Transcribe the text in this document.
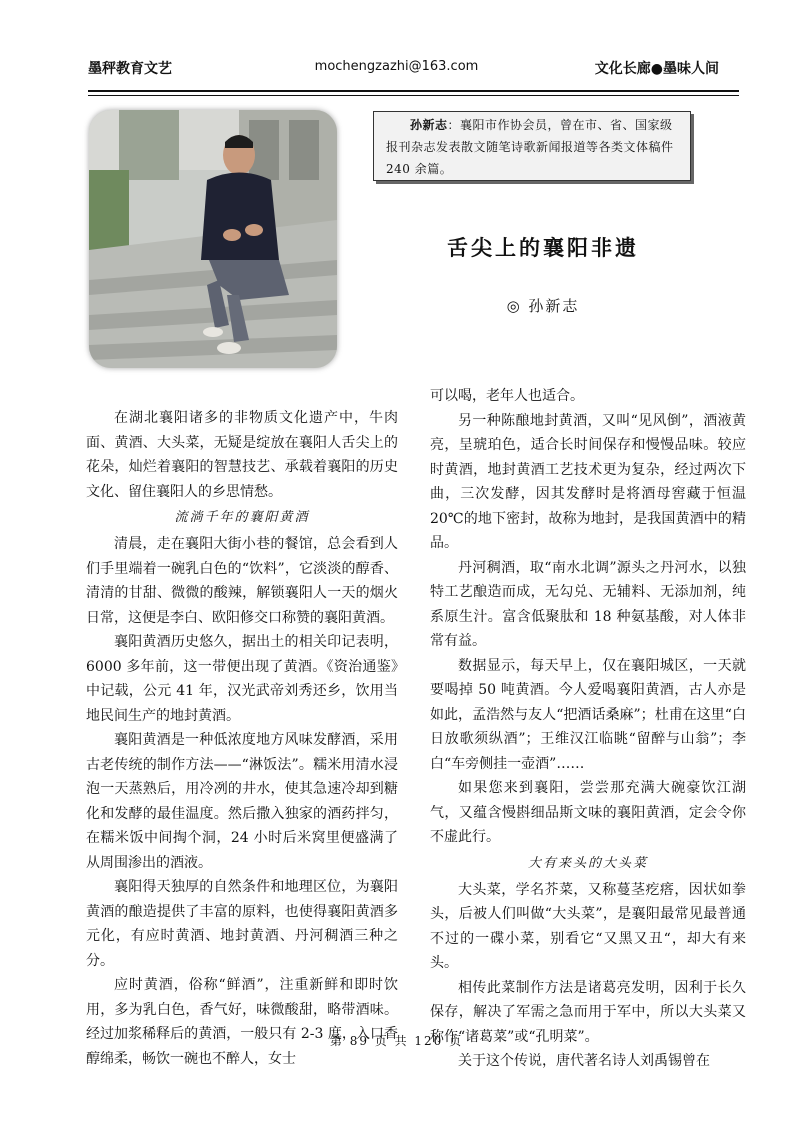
墨秤教育文艺	mochengzazhi@163.com	文化长廊●墨味人间
孙新志：襄阳市作协会员，曾在市、省、国家级报刊杂志发表散文随笔诗歌新闻报道等各类文体稿件 240 余篇。
舌尖上的襄阳非遗
◎ 孙新志

在湖北襄阳诸多的非物质文化遗产中，牛肉面、黄酒、大头菜，无疑是绽放在襄阳人舌尖上的花朵，灿烂着襄阳的智慧技艺、承载着襄阳的历史文化、留住襄阳人的乡思情愁。

流淌千年的襄阳黄酒

清晨，走在襄阳大街小巷的餐馆，总会看到人们手里端着一碗乳白色的“饮料”，它淡淡的醇香、清清的甘甜、微微的酸辣，解锁襄阳人一天的烟火日常，这便是李白、欧阳修交口称赞的襄阳黄酒。

襄阳黄酒历史悠久，据出土的相关印记表明，6000 多年前，这一带便出现了黄酒。《资治通鉴》中记载，公元 41 年，汉光武帝刘秀还乡，饮用当地民间生产的地封黄酒。

襄阳黄酒是一种低浓度地方风味发酵酒，采用古老传统的制作方法——“淋饭法”。糯米用清水浸泡一天蒸熟后，用冷冽的井水，使其急速冷却到糖化和发酵的最佳温度。然后撒入独家的酒药拌匀，在糯米饭中间掏个洞，24 小时后米窝里便盛满了从周围渗出的酒液。

襄阳得天独厚的自然条件和地理区位，为襄阳黄酒的酿造提供了丰富的原料，也使得襄阳黄酒多元化，有应时黄酒、地封黄酒、丹河稠酒三种之分。

应时黄酒，俗称“鲜酒”，注重新鲜和即时饮用，多为乳白色，香气好，味微酸甜，略带酒味。经过加浆稀释后的黄酒，一般只有 2-3 度，入口香醇绵柔，畅饮一碗也不醉人，女士

可以喝，老年人也适合。

另一种陈酿地封黄酒，又叫“见风倒”，酒液黄亮，呈琥珀色，适合长时间保存和慢慢品味。较应时黄酒，地封黄酒工艺技术更为复杂，经过两次下曲，三次发酵，因其发酵时是将酒母窖藏于恒温 20℃的地下密封，故称为地封，是我国黄酒中的精品。

丹河稠酒，取“南水北调”源头之丹河水，以独特工艺酿造而成，无勾兑、无辅料、无添加剂，纯系原生汁。富含低聚肽和 18 种氨基酸，对人体非常有益。

数据显示，每天早上，仅在襄阳城区，一天就要喝掉 50 吨黄酒。今人爱喝襄阳黄酒，古人亦是如此，孟浩然与友人“把酒话桑麻”；杜甫在这里“白日放歌须纵酒”；王维汉江临眺“留醉与山翁”；李白“车旁侧挂一壶酒”……

如果您来到襄阳，尝尝那充满大碗豪饮江湖气，又蕴含慢斟细品斯文味的襄阳黄酒，定会令你不虚此行。

大有来头的大头菜

大头菜，学名芥菜，又称蔓茎疙瘩，因状如拳头，后被人们叫做“大头菜”，是襄阳最常见最普通不过的一碟小菜，别看它“又黑又丑“，却大有来头。

相传此菜制作方法是诸葛亮发明，因利于长久保存，解决了军需之急而用于军中，所以大头菜又称作“诸葛菜”或“孔明菜”。

关于这个传说，唐代著名诗人刘禹锡曾在

第 89 页 共 120 页
